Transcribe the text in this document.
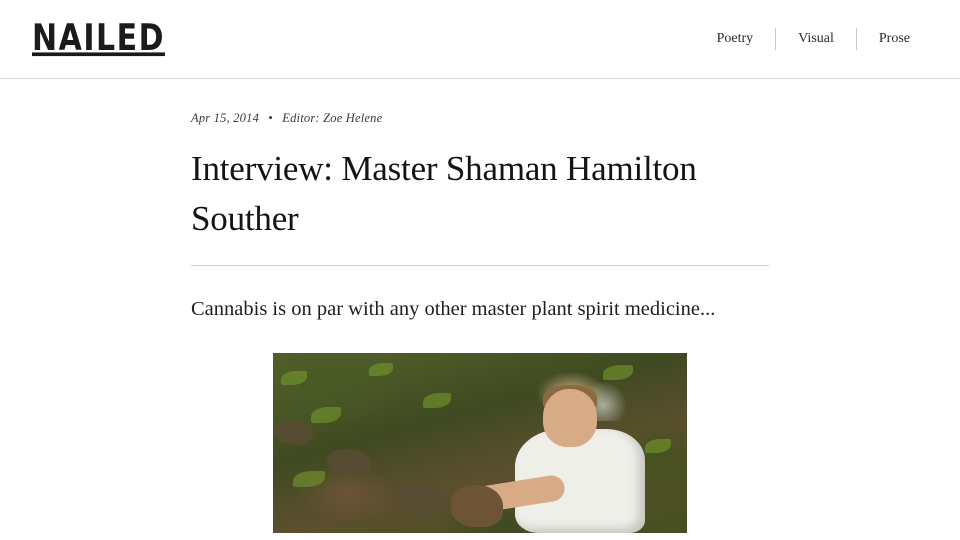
NAILED	Poetry	Visual	Prose
Apr 15, 2014 • Editor: Zoe Helene
Interview: Master Shaman Hamilton Souther

Cannabis is on par with any other master plant spirit medicine...
